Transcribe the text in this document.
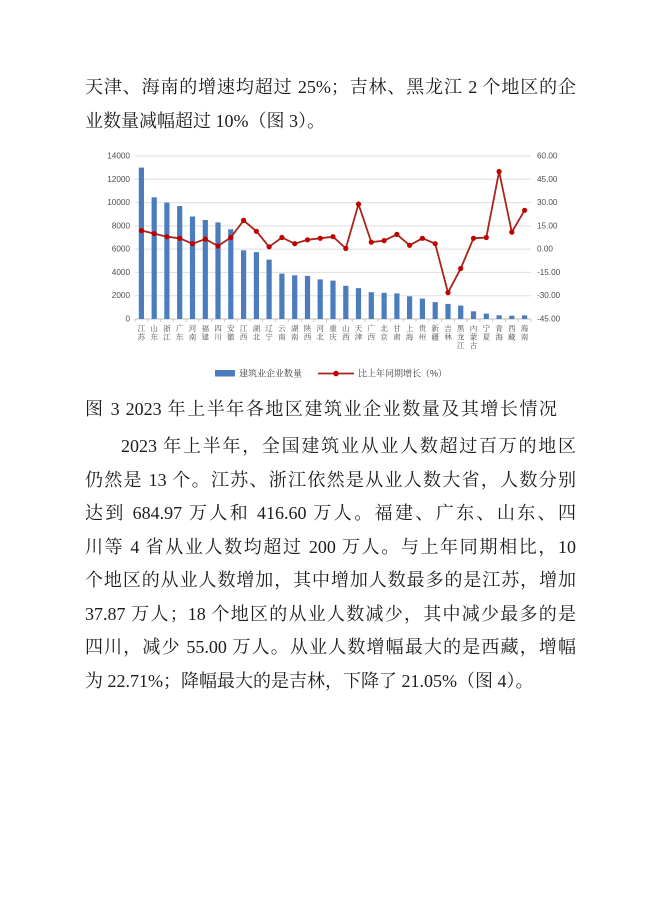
天津、海南的增速均超过 25%；吉林、黑龙江 2 个地区的企
业数量减幅超过 10%（图 3）。
0
2000
4000
6000
8000
10000
12000
14000
-45.00
-30.00
-15.00
0.00
15.00
30.00
45.00
60.00
江苏
山东
浙江
广东
河南
福建
四川
安徽
江西
湖北
辽宁
云南
湖南
陕西
河北
重庆
山西
天津
广西
北京
甘肃
上海
贵州
新疆
吉林
黑龙江
内蒙古
宁夏
青海
西藏
海南
建筑业企业数量	比上年同期增长（%）
图 3 2023 年上半年各地区建筑业企业数量及其增长情况
2023 年上半年，全国建筑业从业人数超过百万的地区
仍然是 13 个。江苏、浙江依然是从业人数大省，人数分别
达到 684.97 万人和 416.60 万人。福建、广东、山东、四
川等 4 省从业人数均超过 200 万人。与上年同期相比，10
个地区的从业人数增加，其中增加人数最多的是江苏，增加
37.87 万人；18 个地区的从业人数减少，其中减少最多的是
四川，减少 55.00 万人。从业人数增幅最大的是西藏，增幅
为 22.71%；降幅最大的是吉林，下降了 21.05%（图 4）。
